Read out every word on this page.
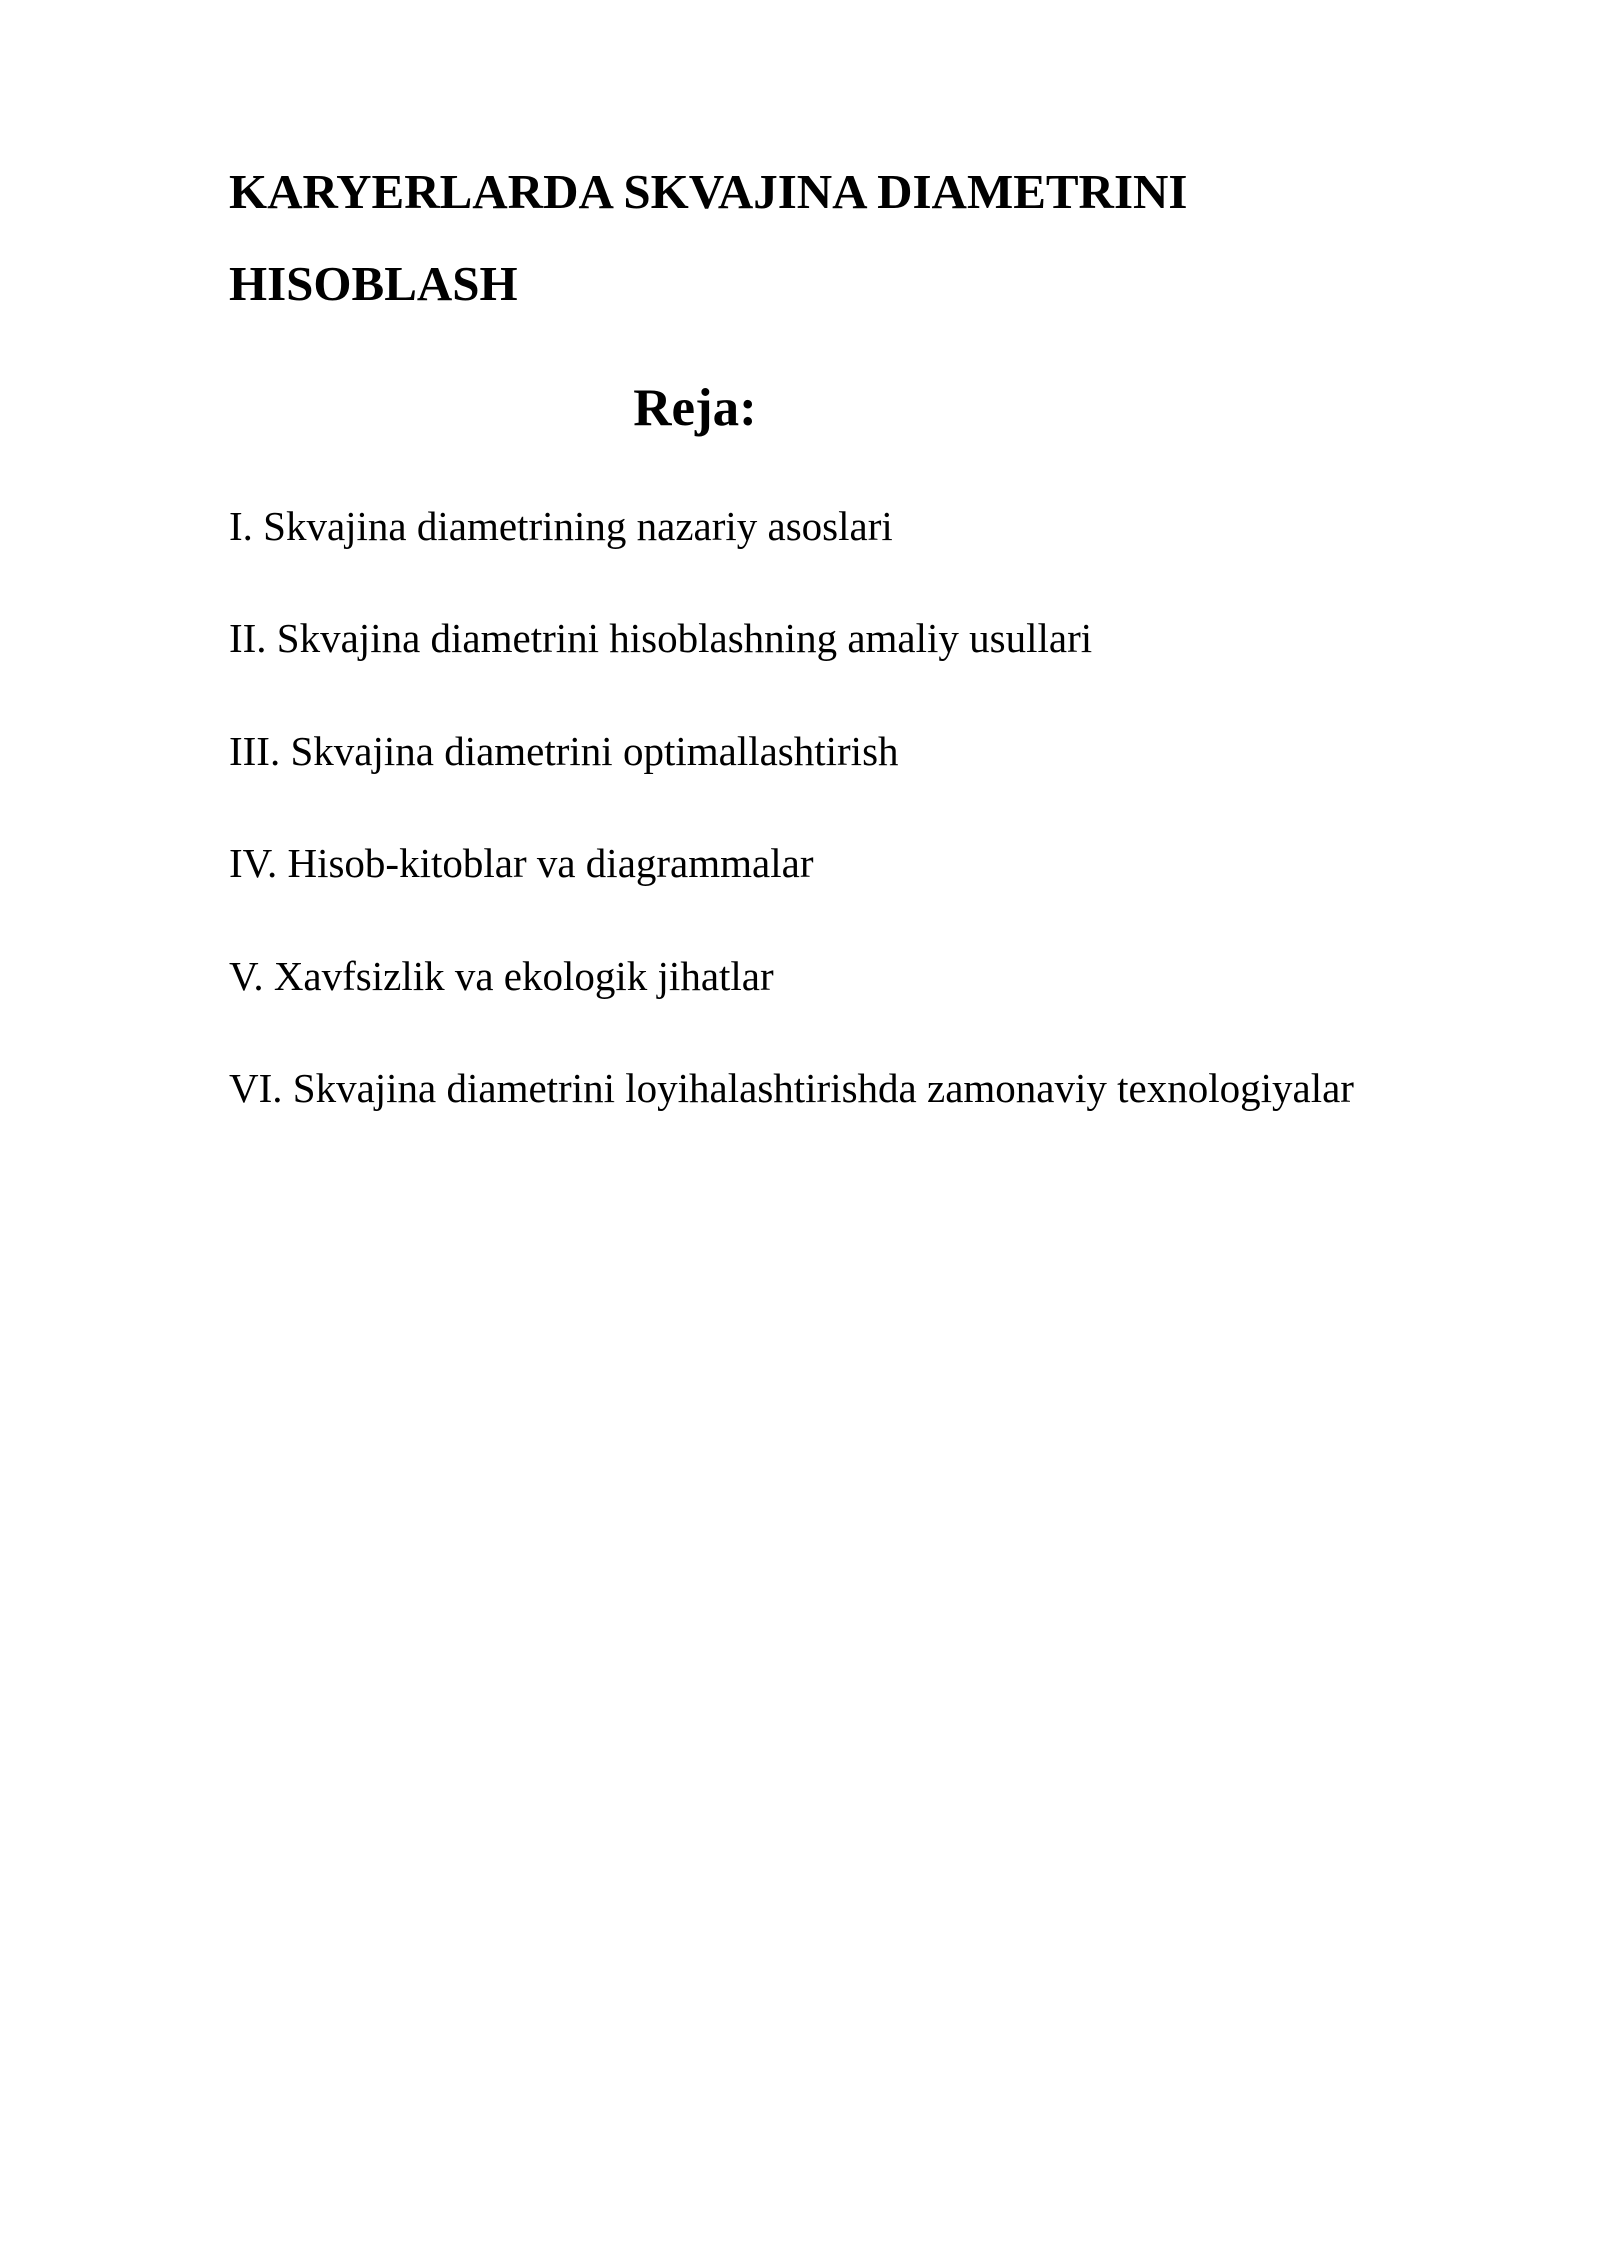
KARYERLARDA SKVAJINA DIAMETRINI HISOBLASH
Reja:
I. Skvajina diametrining nazariy asoslari
II. Skvajina diametrini hisoblashning amaliy usullari
III. Skvajina diametrini optimallashtirish
IV. Hisob-kitoblar va diagrammalar
V. Xavfsizlik va ekologik jihatlar
VI. Skvajina diametrini loyihalashtirishda zamonaviy texnologiyalar
